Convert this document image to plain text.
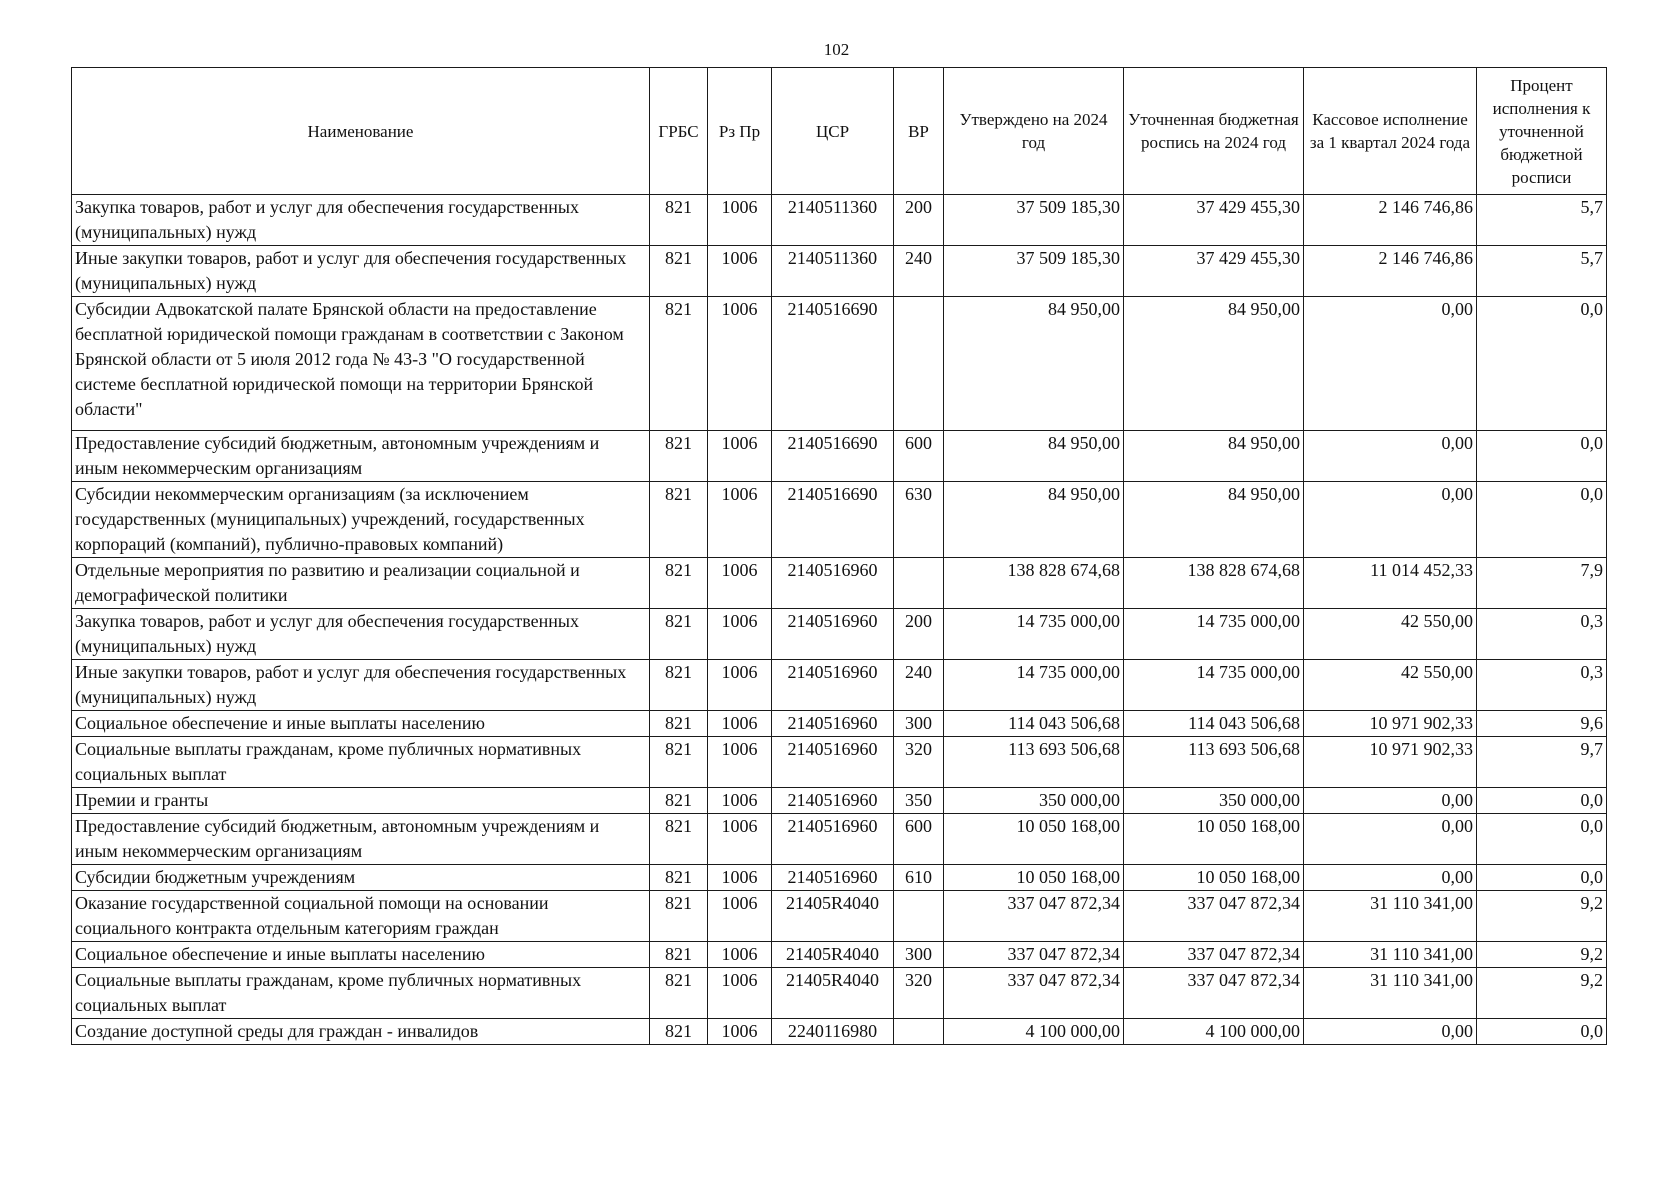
102
Наименование	ГРБС	Рз Пр	ЦСР	ВР	Утверждено на 2024 год	Уточненная бюджетная роспись на 2024 год	Кассовое исполнение за 1 квартал 2024 года	Процент исполнения к уточненной бюджетной росписи
Закупка товаров, работ и услуг для обеспечения государственных (муниципальных) нужд	821	1006	2140511360	200	37 509 185,30	37 429 455,30	2 146 746,86	5,7
Иные закупки товаров, работ и услуг для обеспечения государственных (муниципальных) нужд	821	1006	2140511360	240	37 509 185,30	37 429 455,30	2 146 746,86	5,7
Субсидии Адвокатской палате Брянской области на предоставление бесплатной юридической помощи гражданам в соответствии с Законом Брянской области от 5 июля 2012 года № 43-З "О государственной системе бесплатной юридической помощи на территории Брянской области"	821	1006	2140516690		84 950,00	84 950,00	0,00	0,0
Предоставление субсидий бюджетным, автономным учреждениям и иным некоммерческим организациям	821	1006	2140516690	600	84 950,00	84 950,00	0,00	0,0
Субсидии некоммерческим организациям (за исключением государственных (муниципальных) учреждений, государственных корпораций (компаний), публично-правовых компаний)	821	1006	2140516690	630	84 950,00	84 950,00	0,00	0,0
Отдельные мероприятия по развитию и реализации социальной и демографической политики	821	1006	2140516960		138 828 674,68	138 828 674,68	11 014 452,33	7,9
Закупка товаров, работ и услуг для обеспечения государственных (муниципальных) нужд	821	1006	2140516960	200	14 735 000,00	14 735 000,00	42 550,00	0,3
Иные закупки товаров, работ и услуг для обеспечения государственных (муниципальных) нужд	821	1006	2140516960	240	14 735 000,00	14 735 000,00	42 550,00	0,3
Социальное обеспечение и иные выплаты населению	821	1006	2140516960	300	114 043 506,68	114 043 506,68	10 971 902,33	9,6
Социальные выплаты гражданам, кроме публичных нормативных социальных выплат	821	1006	2140516960	320	113 693 506,68	113 693 506,68	10 971 902,33	9,7
Премии и гранты	821	1006	2140516960	350	350 000,00	350 000,00	0,00	0,0
Предоставление субсидий бюджетным, автономным учреждениям и иным некоммерческим организациям	821	1006	2140516960	600	10 050 168,00	10 050 168,00	0,00	0,0
Субсидии бюджетным учреждениям	821	1006	2140516960	610	10 050 168,00	10 050 168,00	0,00	0,0
Оказание государственной социальной помощи на основании социального контракта отдельным категориям граждан	821	1006	21405R4040		337 047 872,34	337 047 872,34	31 110 341,00	9,2
Социальное обеспечение и иные выплаты населению	821	1006	21405R4040	300	337 047 872,34	337 047 872,34	31 110 341,00	9,2
Социальные выплаты гражданам, кроме публичных нормативных социальных выплат	821	1006	21405R4040	320	337 047 872,34	337 047 872,34	31 110 341,00	9,2
Создание доступной среды для граждан - инвалидов	821	1006	2240116980		4 100 000,00	4 100 000,00	0,00	0,0
